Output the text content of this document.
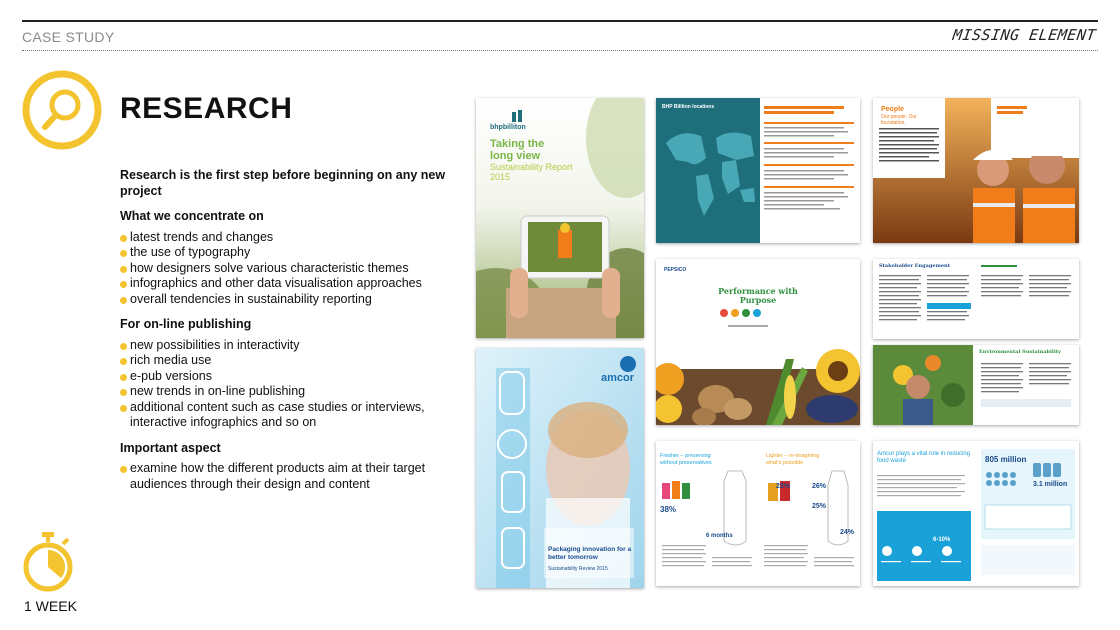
CASE STUDY	MISSING ELEMENT
RESEARCH
Research is the first step before beginning on any new project
What we concentrate on
latest trends and changes
the use of typography
how designers solve various characteristic themes
infographics and other data visualisation approaches
overall tendencies in sustainability reporting
For on-line publishing
new possibilities in interactivity
rich media use
e-pub versions
new trends in on-line publishing
additional content such as case studies or interviews, interactive infographics and so on
Important aspect
examine how the different products aim at their target audiences through their design and content
1 WEEK
bhpbilliton
Taking the long view
Sustainability Report 2015
BHP Billiton locations	People
Our people. Our foundation.
PEPSICO
Performance with Purpose
Stakeholder Engagement
Environmental Sustainability
amcor
Packaging innovation for a better tomorrow
Sustainability Review 2015
Fresher – preserving without preservatives
38%
6 months
Lighter – re-imagining what's possible
23%	26%
25%
24%
Amcor plays a vital role in reducing food waste	805 million
3.1 million
6-10%
